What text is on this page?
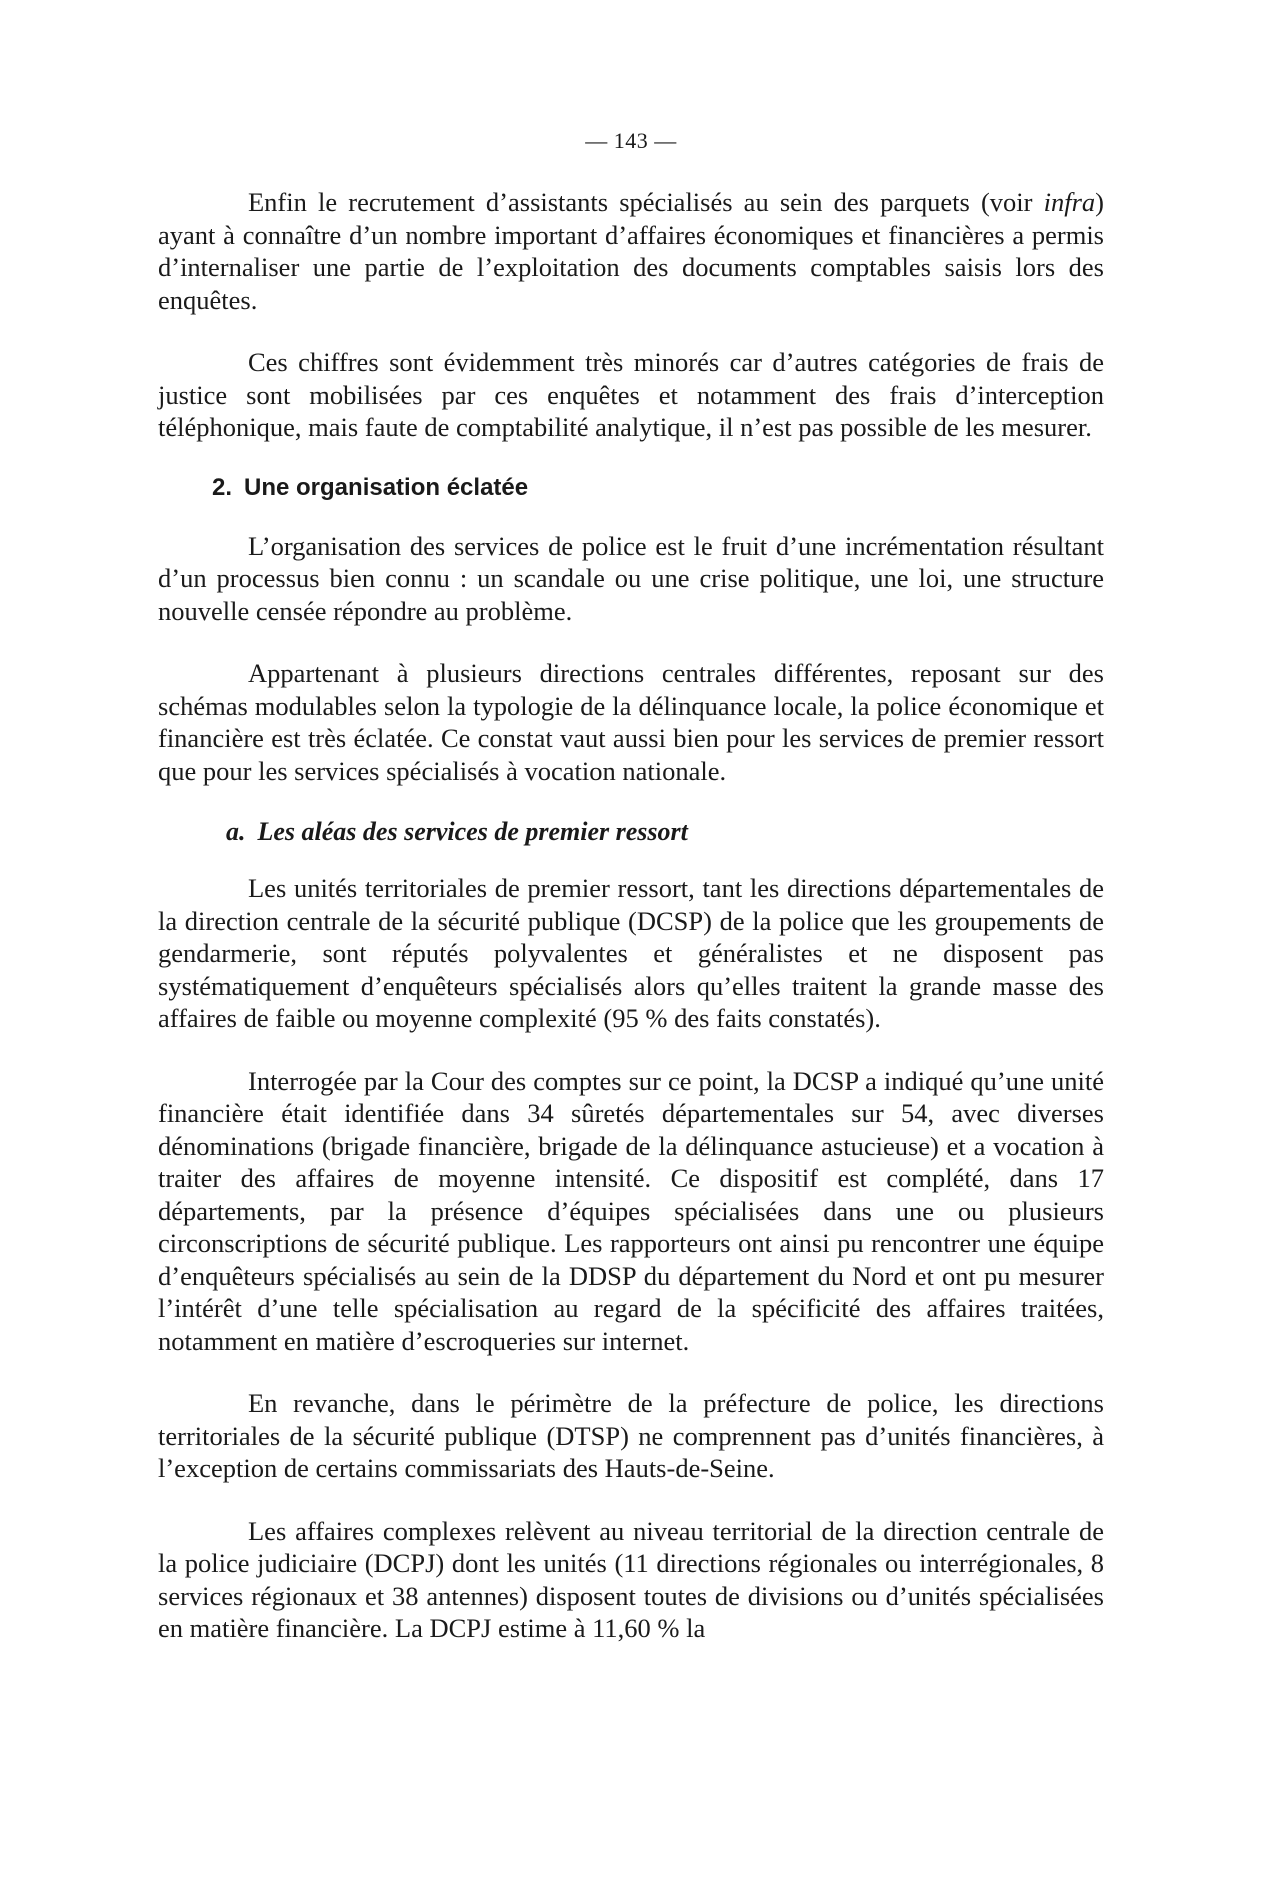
— 143 —

Enfin le recrutement d’assistants spécialisés au sein des parquets (voir infra) ayant à connaître d’un nombre important d’affaires économiques et financières a permis d’internaliser une partie de l’exploitation des documents comptables saisis lors des enquêtes.

Ces chiffres sont évidemment très minorés car d’autres catégories de frais de justice sont mobilisées par ces enquêtes et notamment des frais d’interception téléphonique, mais faute de comptabilité analytique, il n’est pas possible de les mesurer.

2. Une organisation éclatée

L’organisation des services de police est le fruit d’une incrémentation résultant d’un processus bien connu : un scandale ou une crise politique, une loi, une structure nouvelle censée répondre au problème.

Appartenant à plusieurs directions centrales différentes, reposant sur des schémas modulables selon la typologie de la délinquance locale, la police économique et financière est très éclatée. Ce constat vaut aussi bien pour les services de premier ressort que pour les services spécialisés à vocation nationale.

a. Les aléas des services de premier ressort

Les unités territoriales de premier ressort, tant les directions départementales de la direction centrale de la sécurité publique (DCSP) de la police que les groupements de gendarmerie, sont réputés polyvalentes et généralistes et ne disposent pas systématiquement d’enquêteurs spécialisés alors qu’elles traitent la grande masse des affaires de faible ou moyenne complexité (95 % des faits constatés).

Interrogée par la Cour des comptes sur ce point, la DCSP a indiqué qu’une unité financière était identifiée dans 34 sûretés départementales sur 54, avec diverses dénominations (brigade financière, brigade de la délinquance astucieuse) et a vocation à traiter des affaires de moyenne intensité. Ce dispositif est complété, dans 17 départements, par la présence d’équipes spécialisées dans une ou plusieurs circonscriptions de sécurité publique. Les rapporteurs ont ainsi pu rencontrer une équipe d’enquêteurs spécialisés au sein de la DDSP du département du Nord et ont pu mesurer l’intérêt d’une telle spécialisation au regard de la spécificité des affaires traitées, notamment en matière d’escroqueries sur internet.

En revanche, dans le périmètre de la préfecture de police, les directions territoriales de la sécurité publique (DTSP) ne comprennent pas d’unités financières, à l’exception de certains commissariats des Hauts-de-Seine.

Les affaires complexes relèvent au niveau territorial de la direction centrale de la police judiciaire (DCPJ) dont les unités (11 directions régionales ou interrégionales, 8 services régionaux et 38 antennes) disposent toutes de divisions ou d’unités spécialisées en matière financière. La DCPJ estime à 11,60 % la
